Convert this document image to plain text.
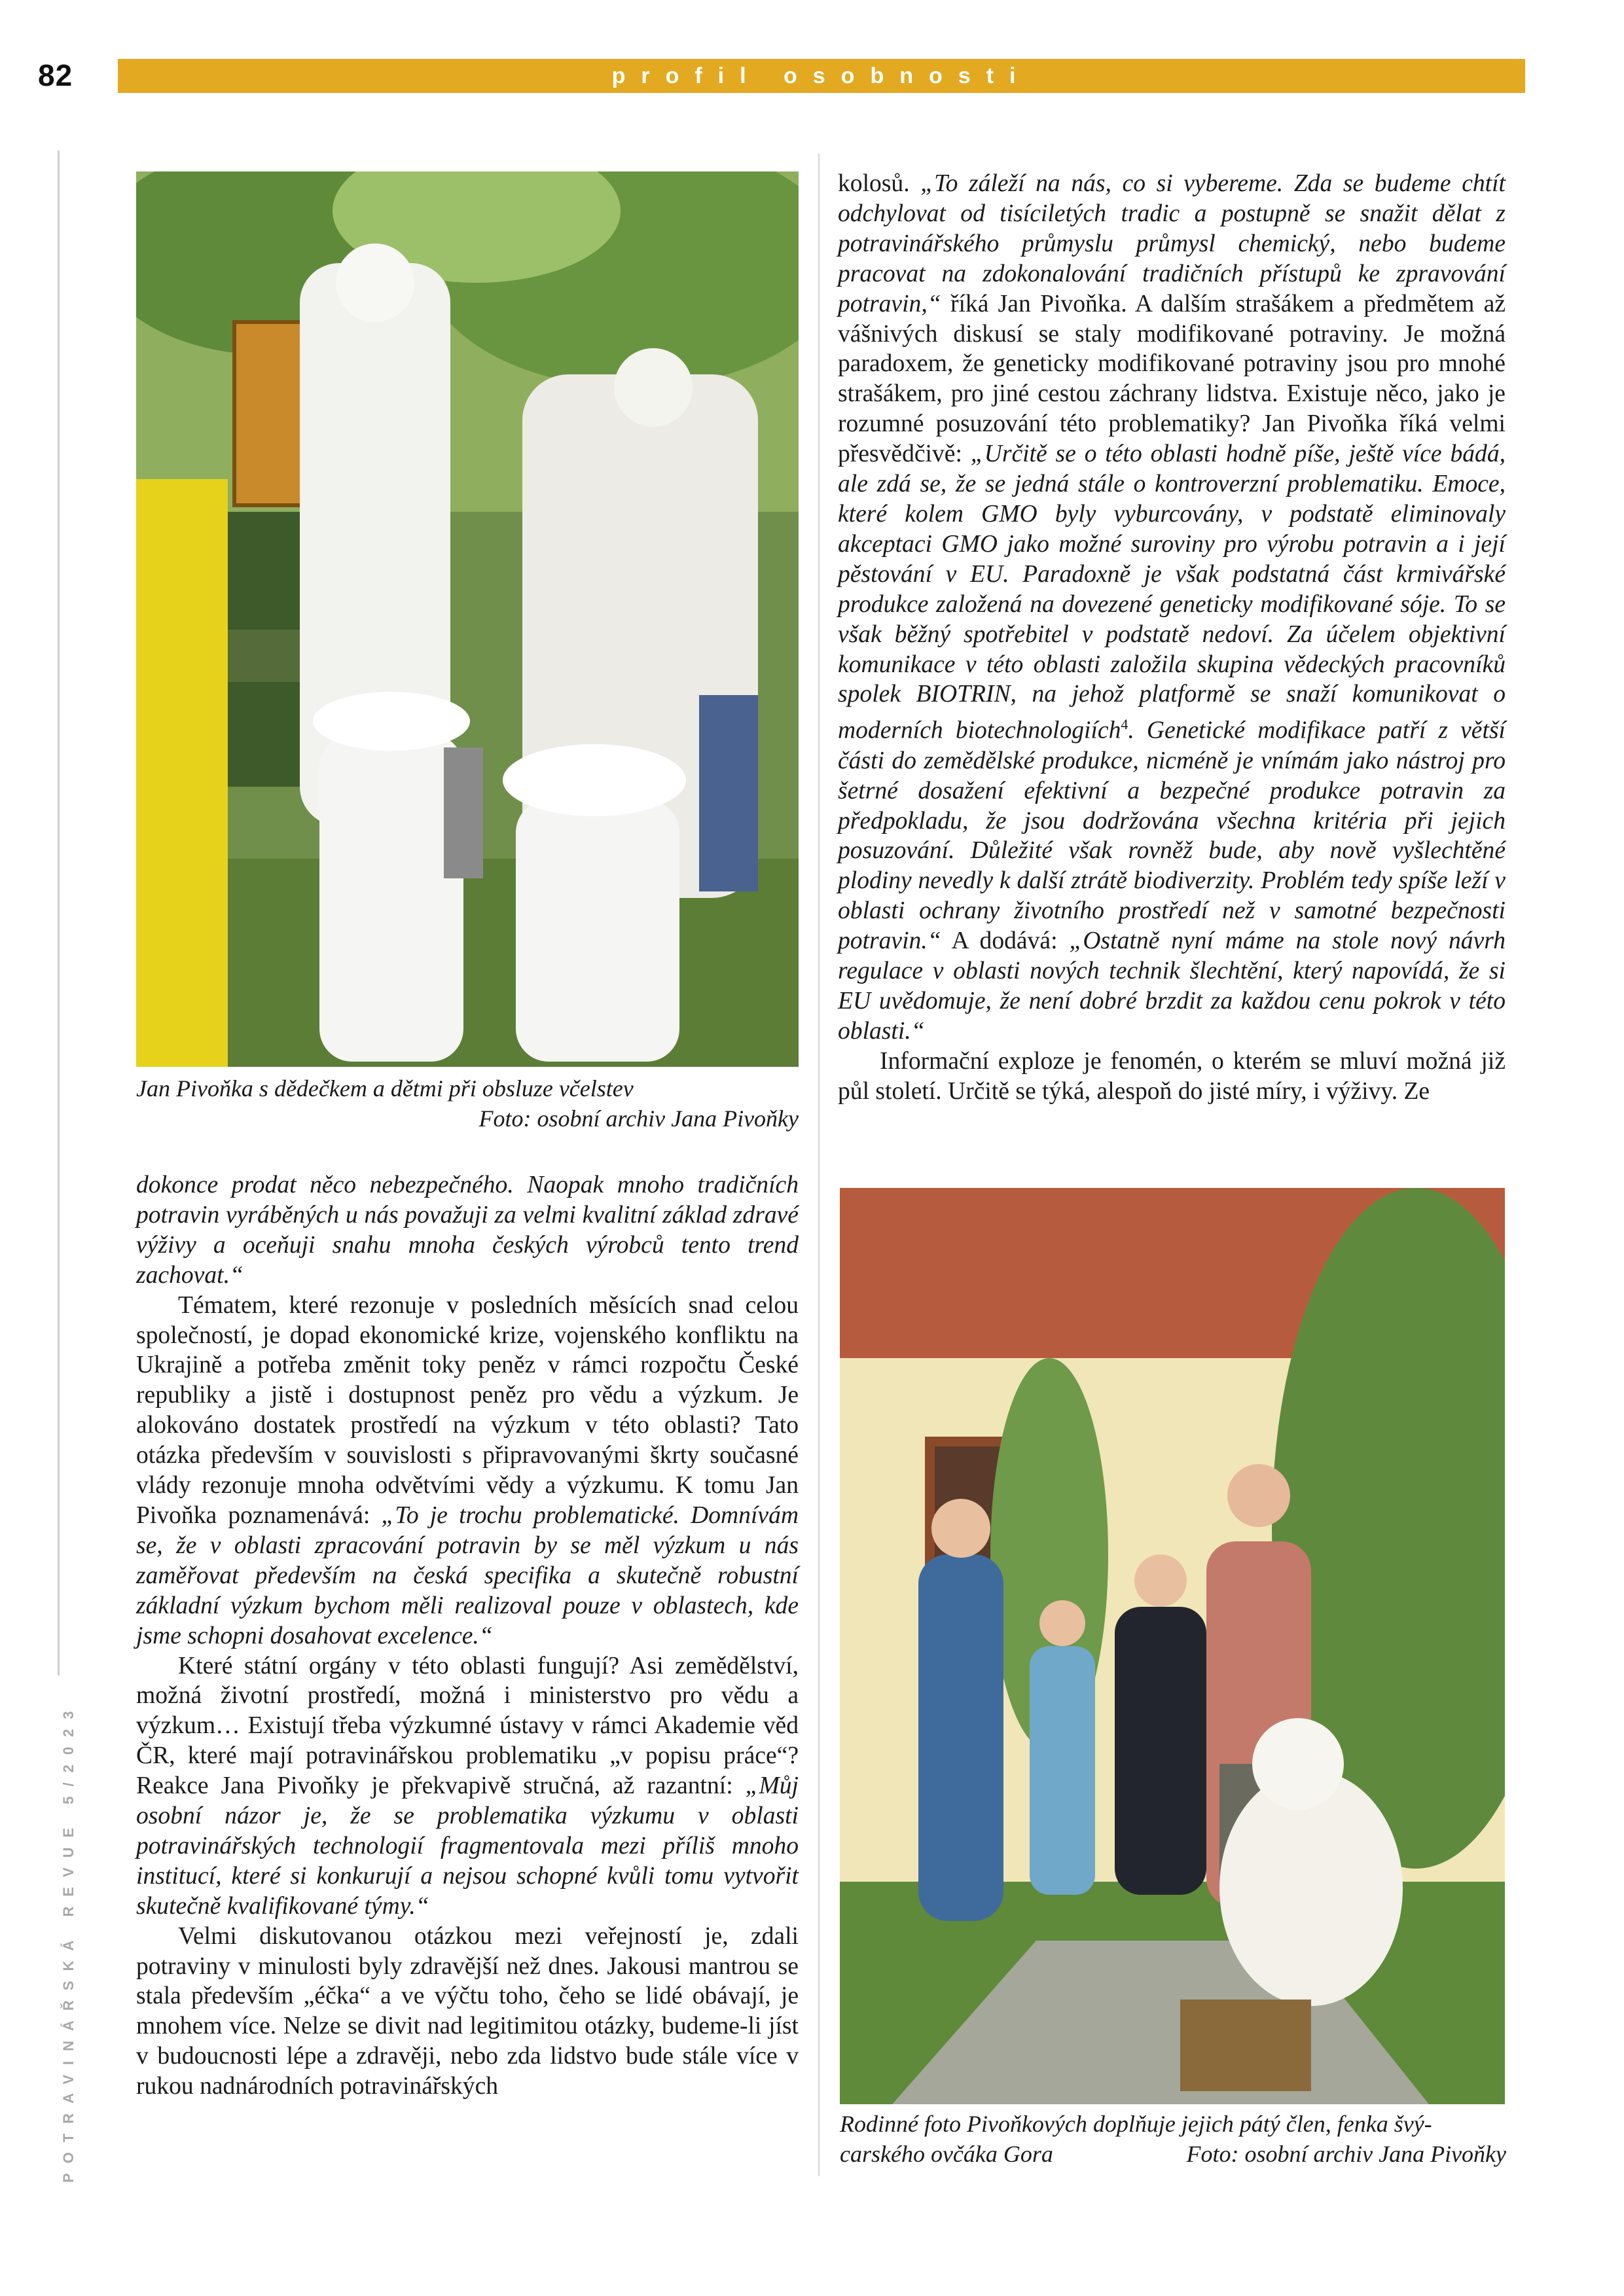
82	profil osobnosti
POTRAVINÁŘSKÁ REVUE 5/2023
Jan Pivoňka s dědečkem a dětmi při obsluze včelstev
Foto: osobní archiv Jana Pivoňky

dokonce prodat něco nebezpečného. Naopak mnoho tradičních potravin vyráběných u nás považuji za velmi kvalitní základ zdravé výživy a oceňuji snahu mnoha českých výrobců tento trend zachovat.“

Tématem, které rezonuje v posledních měsících snad celou společností, je dopad ekonomické krize, vojenského konfliktu na Ukrajině a potřeba změnit toky peněz v rámci rozpočtu České republiky a jistě i dostupnost peněz pro vědu a výzkum. Je alokováno dostatek prostředí na výzkum v této oblasti? Tato otázka především v souvislosti s připravovanými škrty současné vlády rezonuje mnoha odvětvími vědy a výzkumu. K tomu Jan Pivoňka poznamenává: „To je trochu problematické. Domnívám se, že v oblasti zpracování potravin by se měl výzkum u nás zaměřovat především na česká specifika a skutečně robustní základní výzkum bychom měli realizoval pouze v oblastech, kde jsme schopni dosahovat excelence.“

Které státní orgány v této oblasti fungují? Asi zemědělství, možná životní prostředí, možná i ministerstvo pro vědu a výzkum… Existují třeba výzkumné ústavy v rámci Akademie věd ČR, které mají potravinářskou problematiku „v popisu práce“? Reakce Jana Pivoňky je překvapivě stručná, až razantní: „Můj osobní názor je, že se problematika výzkumu v oblasti potravinářských technologií fragmentovala mezi příliš mnoho institucí, které si konkurují a nejsou schopné kvůli tomu vytvořit skutečně kvalifikované týmy.“

Velmi diskutovanou otázkou mezi veřejností je, zdali potraviny v minulosti byly zdravější než dnes. Jakousi mantrou se stala především „éčka“ a ve výčtu toho, čeho se lidé obávají, je mnohem více. Nelze se divit nad legitimitou otázky, budeme-li jíst v budoucnosti lépe a zdravěji, nebo zda lidstvo bude stále více v rukou nadnárodních potravinářských

kolosů. „To záleží na nás, co si vybereme. Zda se budeme chtít odchylovat od tisíciletých tradic a postupně se snažit dělat z potravinářského průmyslu průmysl chemický, nebo budeme pracovat na zdokonalování tradičních přístupů ke zpravování potravin,“ říká Jan Pivoňka. A dalším strašákem a předmětem až vášnivých diskusí se staly modifikované potraviny. Je možná paradoxem, že geneticky modifikované potraviny jsou pro mnohé strašákem, pro jiné cestou záchrany lidstva. Existuje něco, jako je rozumné posuzování této problematiky? Jan Pivoňka říká velmi přesvědčivě: „Určitě se o této oblasti hodně píše, ještě více bádá, ale zdá se, že se jedná stále o kontroverzní problematiku. Emoce, které kolem GMO byly vyburcovány, v podstatě eliminovaly akceptaci GMO jako možné suroviny pro výrobu potravin a i její pěstování v EU. Paradoxně je však podstatná část krmivářské produkce založená na dovezené geneticky modifikované sóje. To se však běžný spotřebitel v podstatě nedoví. Za účelem objektivní komunikace v této oblasti založila skupina vědeckých pracovníků spolek BIOTRIN, na jehož platformě se snaží komunikovat o moderních biotechnologiích$^4$. Genetické modifikace patří z větší části do zemědělské produkce, nicméně je vnímám jako nástroj pro šetrné dosažení efektivní a bezpečné produkce potravin za předpokladu, že jsou dodržována všechna kritéria při jejich posuzování. Důležité však rovněž bude, aby nově vyšlechtěné plodiny nevedly k další ztrátě biodiverzity. Problém tedy spíše leží v oblasti ochrany životního prostředí než v samotné bezpečnosti potravin.“ A dodává: „Ostatně nyní máme na stole nový návrh regulace v oblasti nových technik šlechtění, který napovídá, že si EU uvědomuje, že není dobré brzdit za každou cenu pokrok v této oblasti.“

Informační exploze je fenomén, o kterém se mluví možná již půl století. Určitě se týká, alespoň do jisté míry, i výživy. Ze

Rodinné foto Pivoňkových doplňuje jejich pátý člen, fenka švý-
carského ovčáka Gora	Foto: osobní archiv Jana Pivoňky
